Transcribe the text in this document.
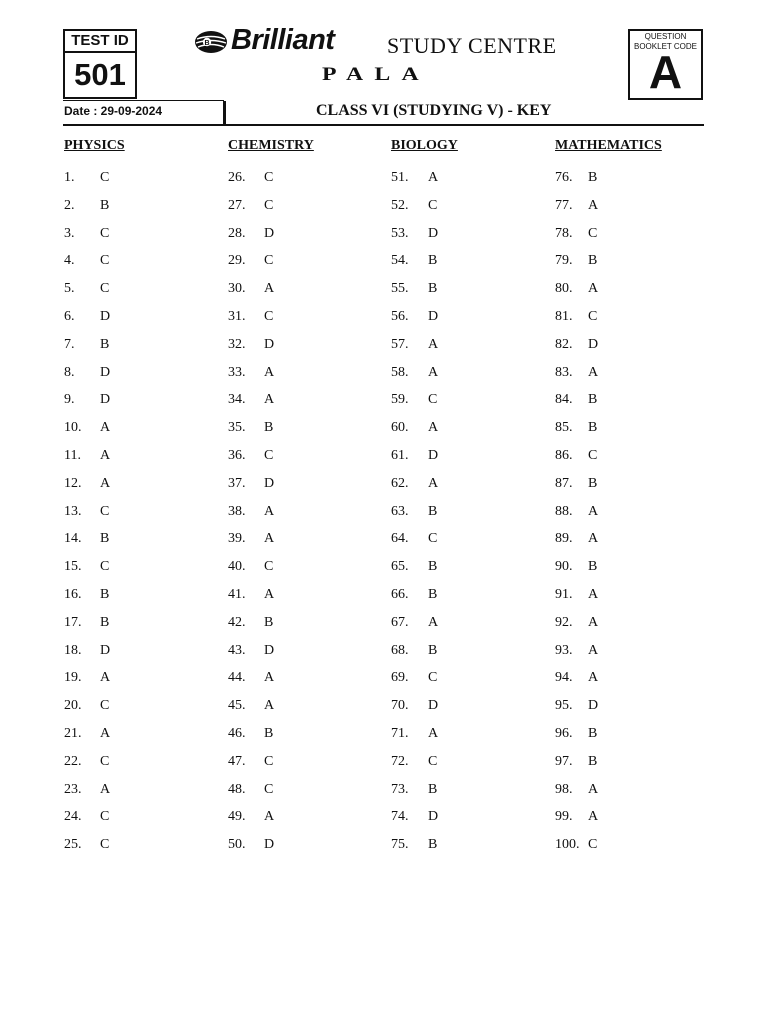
TEST ID
501
B Brilliant STUDY CENTRE
PALA
QUESTION BOOKLET CODE
A
Date : 29-09-2024	CLASS VI (STUDYING V) - KEY
PHYSICS
1. C
2. B
3. C
4. C
5. C
6. D
7. B
8. D
9. D
10. A
11. A
12. A
13. C
14. B
15. C
16. B
17. B
18. D
19. A
20. C
21. A
22. C
23. A
24. C
25. C
CHEMISTRY
26. C
27. C
28. D
29. C
30. A
31. C
32. D
33. A
34. A
35. B
36. C
37. D
38. A
39. A
40. C
41. A
42. B
43. D
44. A
45. A
46. B
47. C
48. C
49. A
50. D
BIOLOGY
51. A
52. C
53. D
54. B
55. B
56. D
57. A
58. A
59. C
60. A
61. D
62. A
63. B
64. C
65. B
66. B
67. A
68. B
69. C
70. D
71. A
72. C
73. B
74. D
75. B
MATHEMATICS
76. B
77. A
78. C
79. B
80. A
81. C
82. D
83. A
84. B
85. B
86. C
87. B
88. A
89. A
90. B
91. A
92. A
93. A
94. A
95. D
96. B
97. B
98. A
99. A
100. C
